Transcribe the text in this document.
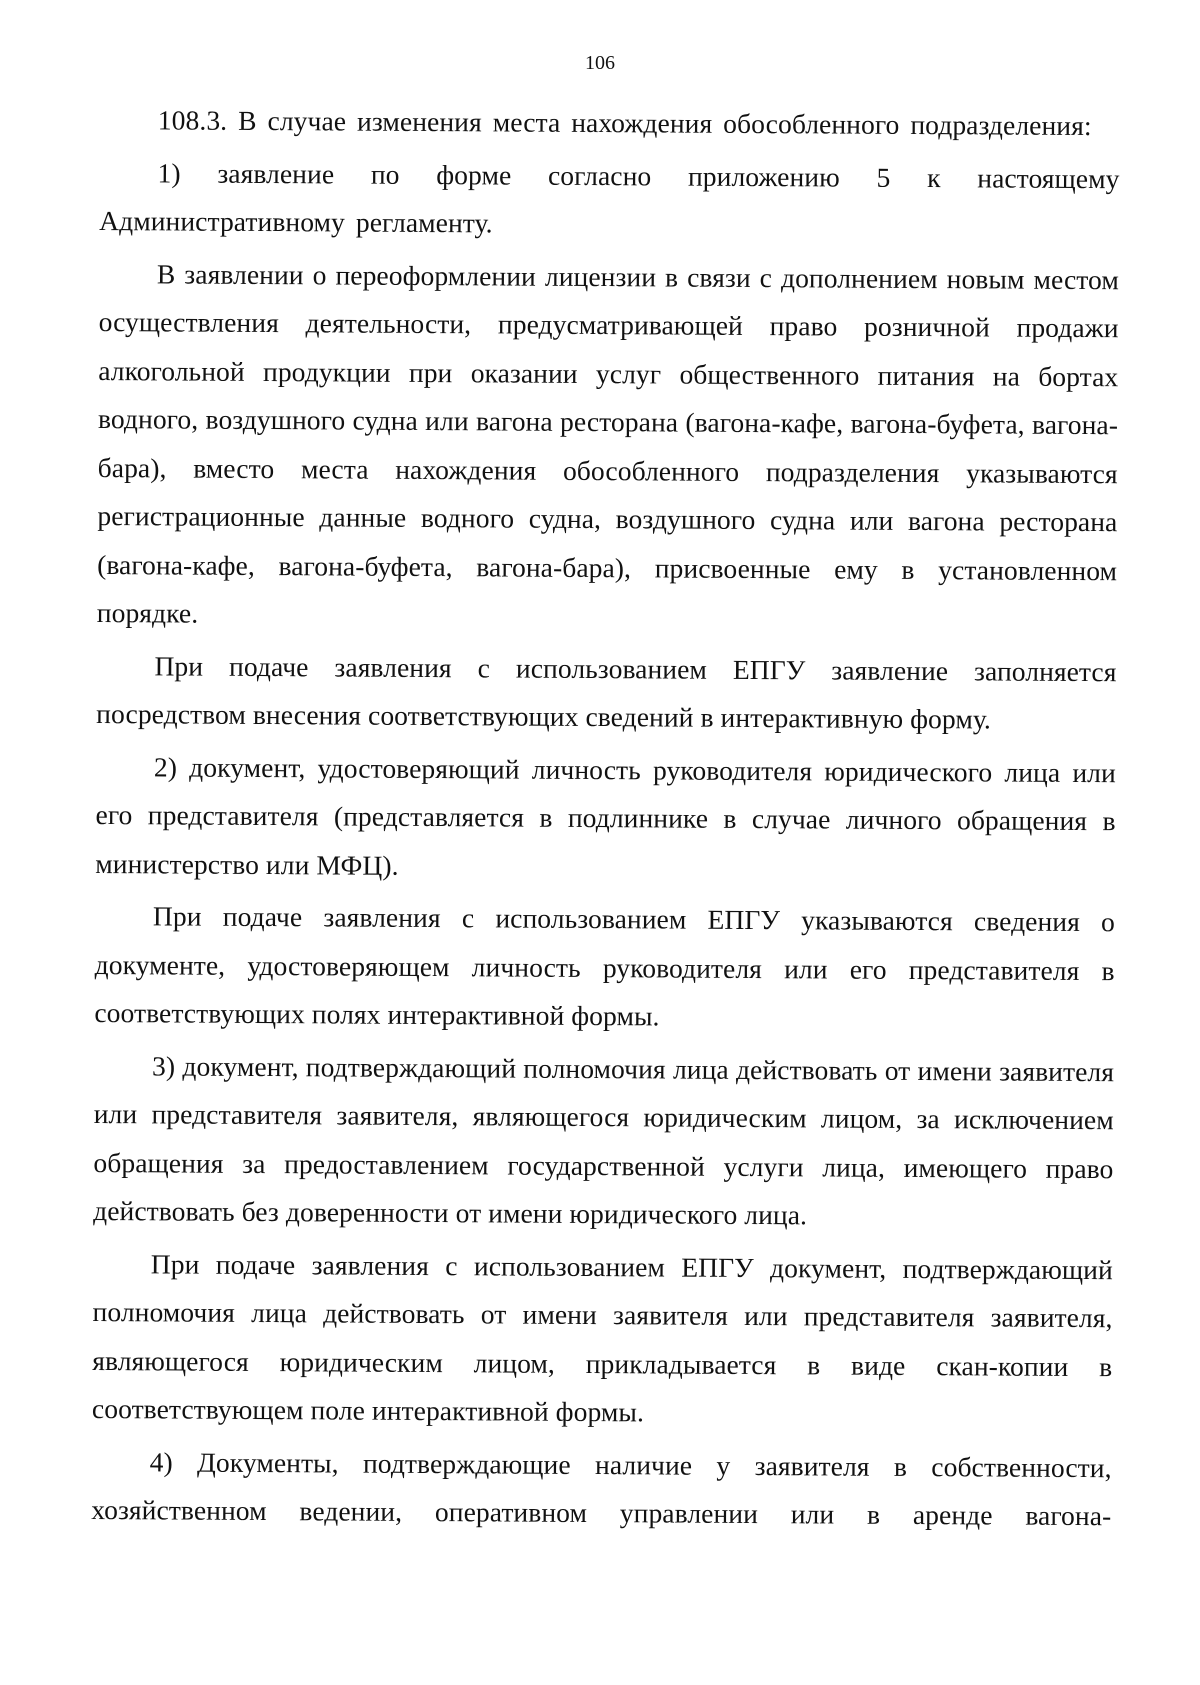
106

108.3. В случае изменения места нахождения обособленного подразделения:

1) заявление по форме согласно приложению 5 к настоящему Административному регламенту.

В заявлении о переоформлении лицензии в связи с дополнением новым местом осуществления деятельности, предусматривающей право розничной продажи алкогольной продукции при оказании услуг общественного питания на бортах водного, воздушного судна или вагона ресторана (вагона-кафе, вагона-буфета, вагона-бара), вместо места нахождения обособленного подразделения указываются регистрационные данные водного судна, воздушного судна или вагона ресторана (вагона-кафе, вагона-буфета, вагона-бара), присвоенные ему в установленном порядке.

При подаче заявления с использованием ЕПГУ заявление заполняется посредством внесения соответствующих сведений в интерактивную форму.

2) документ, удостоверяющий личность руководителя юридического лица или его представителя (представляется в подлиннике в случае личного обращения в министерство или МФЦ).

При подаче заявления с использованием ЕПГУ указываются сведения о документе, удостоверяющем личность руководителя или его представителя в соответствующих полях интерактивной формы.

3) документ, подтверждающий полномочия лица действовать от имени заявителя или представителя заявителя, являющегося юридическим лицом, за исключением обращения за предоставлением государственной услуги лица, имеющего право действовать без доверенности от имени юридического лица.

При подаче заявления с использованием ЕПГУ документ, подтверждающий полномочия лица действовать от имени заявителя или представителя заявителя, являющегося юридическим лицом, прикладывается в виде скан-копии в соответствующем поле интерактивной формы.

4) Документы, подтверждающие наличие у заявителя в собственности, хозяйственном ведении, оперативном управлении или в аренде вагона-
